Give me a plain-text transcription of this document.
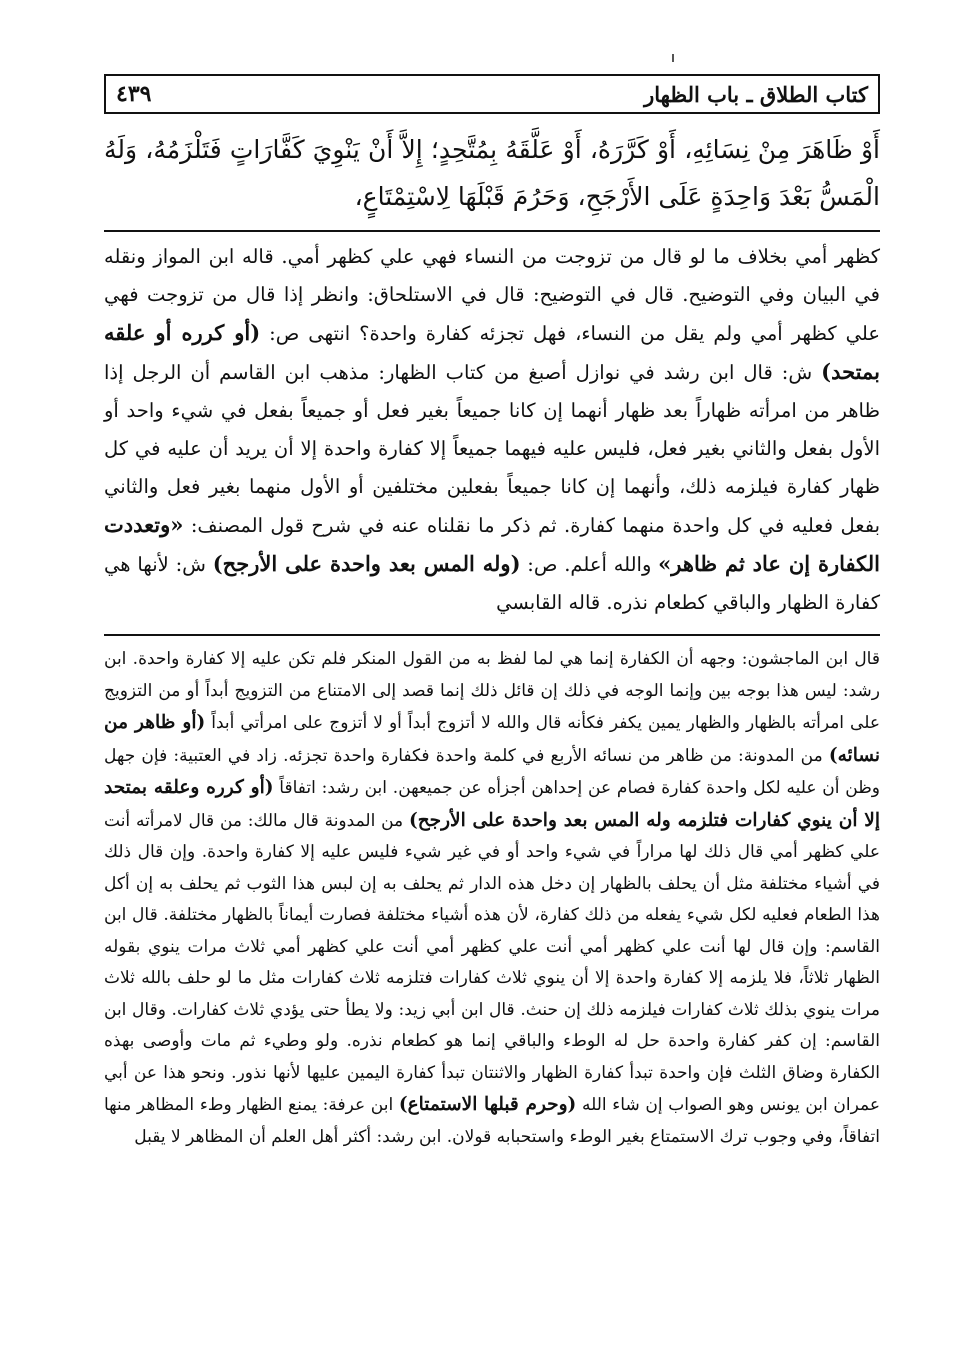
كتاب الطلاق ـ باب الظهار
٤٣٩
أَوْ ظَاهَرَ مِنْ نِسَائِهِ، أَوْ كَرَّرَهُ، أَوْ عَلَّقَهُ بِمُتَّحِدٍ؛ إِلاَّ أَنْ يَنْوِيَ كَفَّارَاتٍ فَتَلْزَمُهُ، وَلَهُ الْمَسُّ بَعْدَ وَاحِدَةٍ عَلَى الأَرْجَحِ، وَحَرُمَ قَبْلَهَا لِاسْتِمْتَاعٍ،
كظهر أمي بخلاف ما لو قال من تزوجت من النساء فهي علي كظهر أمي. قاله ابن المواز ونقله في البيان وفي التوضيح. قال في التوضيح: قال في الاستلحاق: وانظر إذا قال من تزوجت فهي علي كظهر أمي ولم يقل من النساء، فهل تجزئه كفارة واحدة؟ انتهى ص: (أو كرره أو علقه بمتحد) ش: قال ابن رشد في نوازل أصبغ من كتاب الظهار: مذهب ابن القاسم أن الرجل إذا ظاهر من امرأته ظهاراً بعد ظهار أنهما إن كانا جميعاً بغير فعل أو جميعاً بفعل في شيء واحد أو الأول بفعل والثاني بغير فعل، فليس عليه فيهما جميعاً إلا كفارة واحدة إلا أن يريد أن عليه في كل ظهار كفارة فيلزمه ذلك، وأنهما إن كانا جميعاً بفعلين مختلفين أو الأول منهما بغير فعل والثاني بفعل فعليه في كل واحدة منهما كفارة. ثم ذكر ما نقلناه عنه في شرح قول المصنف: «وتعددت الكفارة إن عاد ثم ظاهر» والله أعلم. ص: (وله المس بعد واحدة على الأرجح) ش: لأنها هي كفارة الظهار والباقي كطعام نذره. قاله القابسي
قال ابن الماجشون: وجهه أن الكفارة إنما هي لما لفظ به من القول المنكر فلم تكن عليه إلا كفارة واحدة. ابن رشد: ليس هذا بوجه بين وإنما الوجه في ذلك إن قائل ذلك إنما قصد إلى الامتناع من التزويج أبداً أو من التزويج على امرأته بالظهار والظهار يمين يكفر فكأنه قال والله لا أتزوج أبداً أو لا أتزوج على امرأتي أبداً (أو ظاهر من نسائه) من المدونة: من ظاهر من نسائه الأربع في كلمة واحدة فكفارة واحدة تجزئه. زاد في العتبية: فإن جهل وظن أن عليه لكل واحدة كفارة فصام عن إحداهن أجزأه عن جميعهن. ابن رشد: اتفاقاً (أو كرره وعلقه بمتحد إلا أن ينوي كفارات فتلزمه وله المس بعد واحدة على الأرجح) من المدونة قال مالك: من قال لامرأته أنت علي كظهر أمي قال ذلك لها مراراً في شيء واحد أو في غير شيء فليس عليه إلا كفارة واحدة. وإن قال ذلك في أشياء مختلفة مثل أن يحلف بالظهار إن دخل هذه الدار ثم يحلف به إن لبس هذا الثوب ثم يحلف به إن أكل هذا الطعام فعليه لكل شيء يفعله من ذلك كفارة، لأن هذه أشياء مختلفة فصارت أيماناً بالظهار مختلفة. قال ابن القاسم: وإن قال لها أنت علي كظهر أمي أنت علي كظهر أمي أنت علي كظهر أمي ثلاث مرات ينوي بقوله الظهار ثلاثاً، فلا يلزمه إلا كفارة واحدة إلا أن ينوي ثلاث كفارات فتلزمه ثلاث كفارات مثل ما لو حلف بالله ثلاث مرات ينوي بذلك ثلاث كفارات فيلزمه ذلك إن حنث. قال ابن أبي زيد: ولا يطأ حتى يؤدي ثلاث كفارات. وقال ابن القاسم: إن كفر كفارة واحدة حل له الوطء والباقي إنما هو كطعام نذره. ولو وطيء ثم مات وأوصى بهذه الكفارة وضاق الثلث فإن واحدة تبدأ كفارة الظهار والاثنتان تبدأ كفارة اليمين عليها لأنها نذور. ونحو هذا عن أبي عمران ابن يونس وهو الصواب إن شاء الله (وحرم قبلها الاستمتاع) ابن عرفة: يمنع الظهار وطء المظاهر منها اتفاقاً، وفي وجوب ترك الاستمتاع بغير الوطء واستحبابه قولان. ابن رشد: أكثر أهل العلم أن المظاهر لا يقبل
